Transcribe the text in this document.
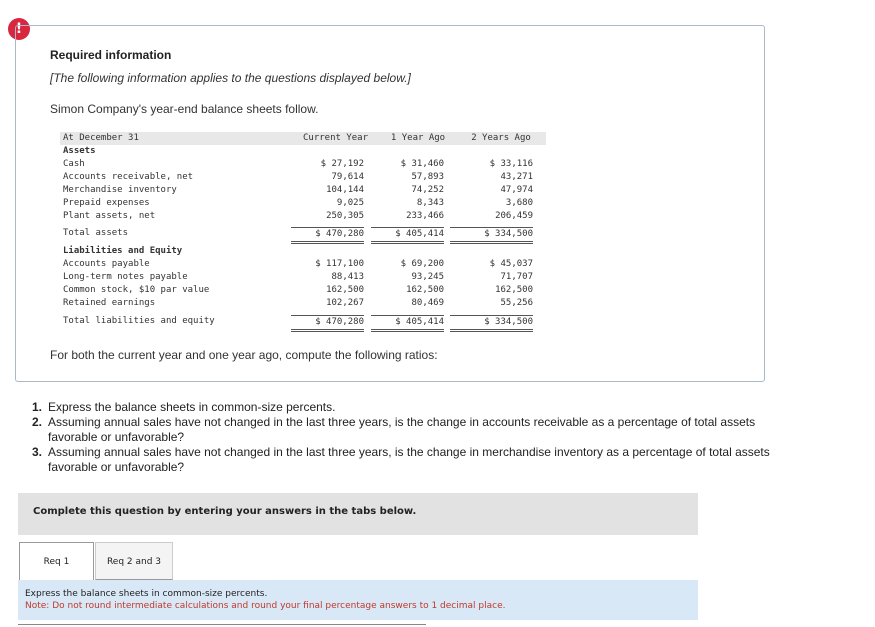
!
Required information
[The following information applies to the questions displayed below.]
Simon Company's year-end balance sheets follow.
At December 31	Current Year	1 Year Ago	2 Years Ago
Assets
Cash	$ 27,192	$ 31,460	$ 33,116
Accounts receivable, net	79,614	57,893	43,271
Merchandise inventory	104,144	74,252	47,974
Prepaid expenses	9,025	8,343	3,680
Plant assets, net	250,305	233,466	206,459
Total assets	$ 470,280	$ 405,414	$ 334,500
Liabilities and Equity
Accounts payable	$ 117,100	$ 69,200	$ 45,037
Long-term notes payable	88,413	93,245	71,707
Common stock, $10 par value	162,500	162,500	162,500
Retained earnings	102,267	80,469	55,256
Total liabilities and equity	$ 470,280	$ 405,414	$ 334,500
For both the current year and one year ago, compute the following ratios:
1. Express the balance sheets in common-size percents.
2. Assuming annual sales have not changed in the last three years, is the change in accounts receivable as a percentage of total assets favorable or unfavorable?
3. Assuming annual sales have not changed in the last three years, is the change in merchandise inventory as a percentage of total assets favorable or unfavorable?
Complete this question by entering your answers in the tabs below.
Req 1	Req 2 and 3
Express the balance sheets in common-size percents.
Note: Do not round intermediate calculations and round your final percentage answers to 1 decimal place.
